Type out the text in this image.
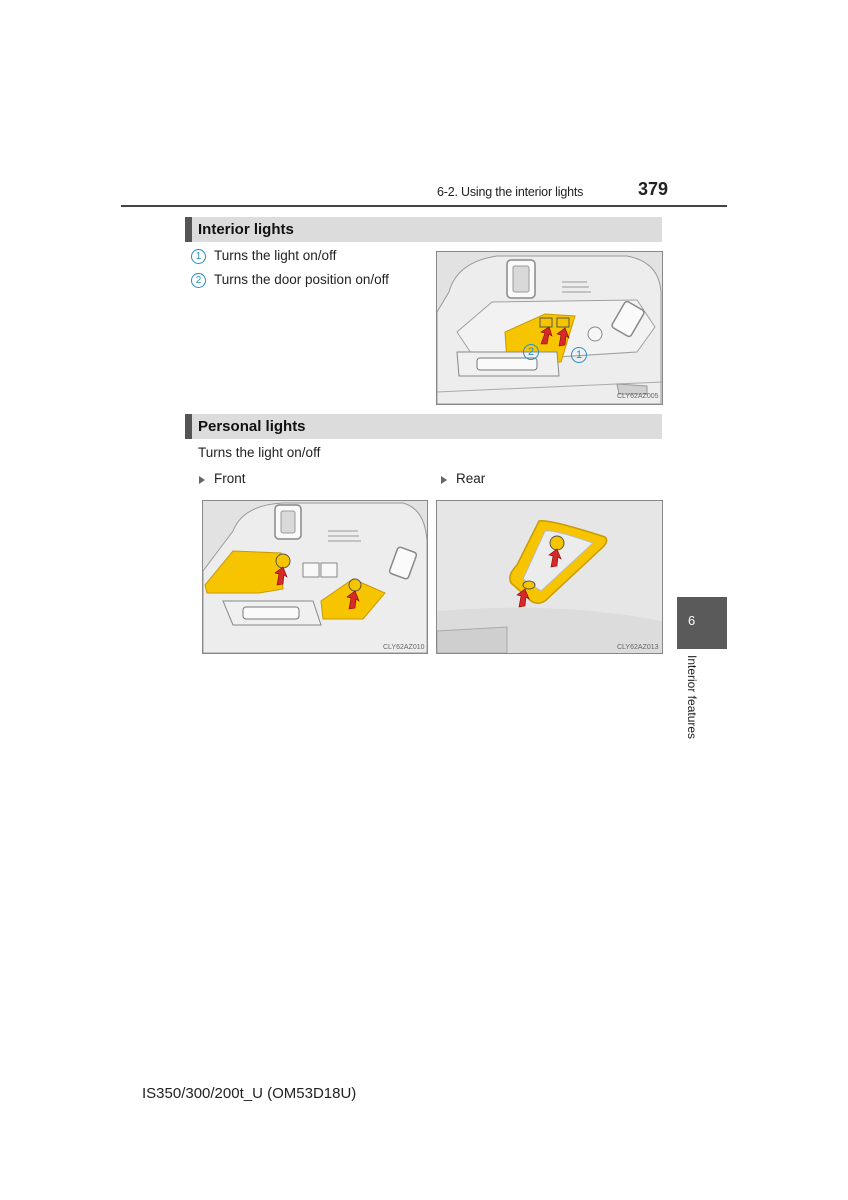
6-2. Using the interior lights	379
Interior lights
1 Turns the light on/off
2 Turns the door position on/off
2	1
CLY62AZ005
Personal lights
Turns the light on/off
Front	Rear
CLY62AZ010	CLY62AZ013
6
Interior features
IS350/300/200t_U (OM53D18U)
